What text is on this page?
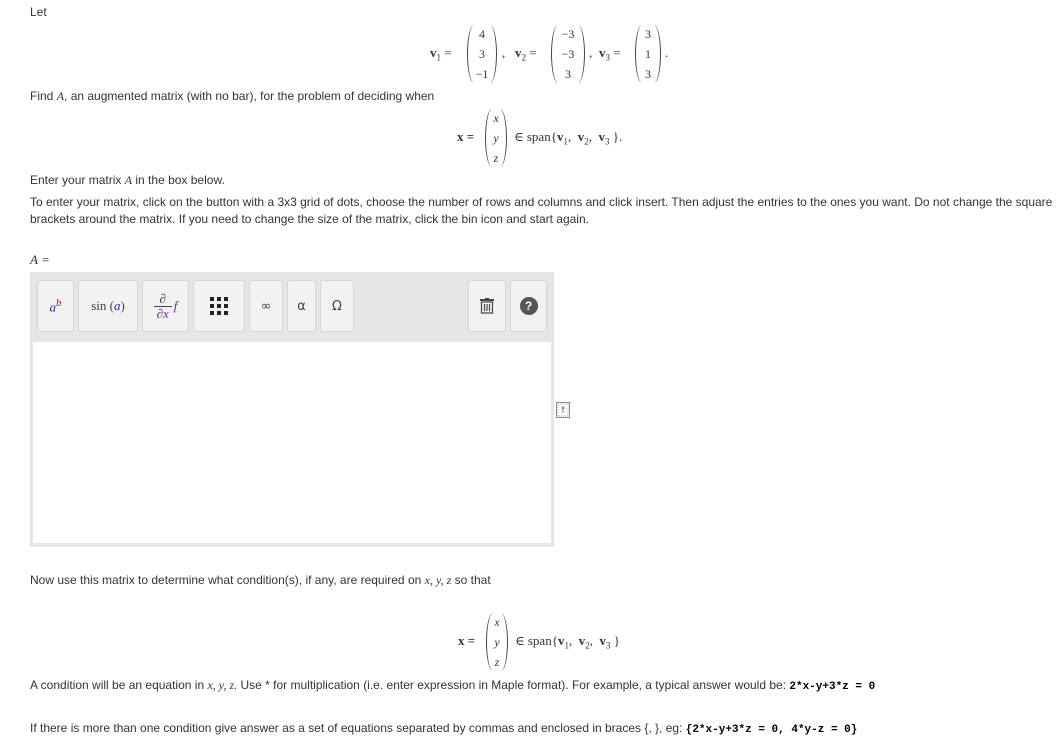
Let
$v_1$ =
4
3
−1
, $v_2$ =
−3
−3
3
, $v_3$ =
3
1
3
.
Find A, an augmented matrix (with no bar), for the problem of deciding when
x =
x
y
z
∈ $span\{v_1$,  $v_2$,  $v_3$ }.
Enter your matrix A in the box below.
To enter your matrix, click on the button with a 3x3 grid of dots, choose the number of rows and columns and click insert. Then adjust the entries to the ones you want. Do not change the square brackets around the matrix. If you need to change the size of the matrix, click the bin icon and start again.
A =
$a^b$ sin (a)	∂
∂x f	∞ α Ω	?
Now use this matrix to determine what condition(s), if any, are required on x, y, z so that
x =
x
y
z
∈ $span\{v_1$,  $v_2$,  $v_3$ }
A condition will be an equation in x, y, z. Use * for multiplication (i.e. enter expression in Maple format). For example, a typical answer would be: 2*x-y+3*z = 0
If there is more than one condition give answer as a set of equations separated by commas and enclosed in braces {, }, eg: {2*x-y+3*z = 0, 4*y-z = 0}
